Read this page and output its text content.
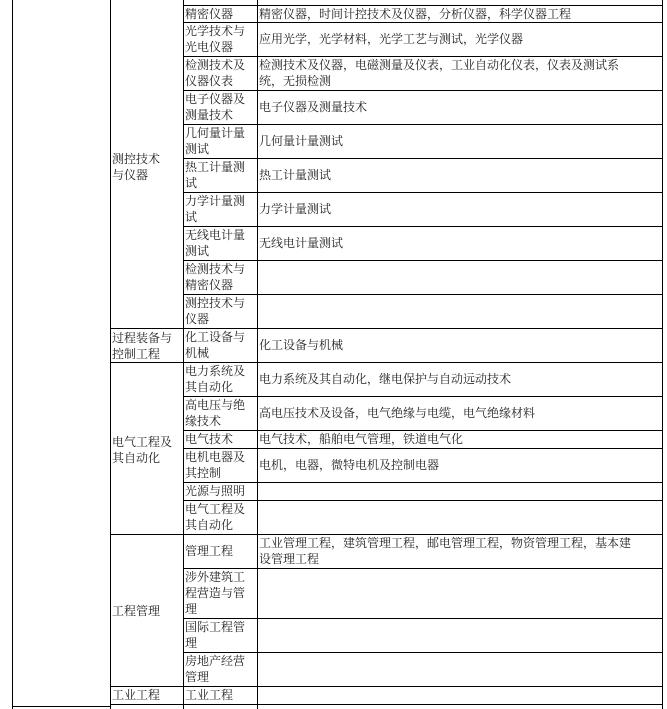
精密仪器	精密仪器，时间计控技术及仪器，分析仪器，科学仪器工程
光学技术与
光电仪器
应用光学，光学材料，光学工艺与测试，光学仪器
检测技术及
仪器仪表
检测技术及仪器，电磁测量及仪表，工业自动化仪表，仪表及测试系
统，无损检测
电子仪器及
测量技术
电子仪器及测量技术
几何量计量
测试
几何量计量测试
热工计量测
试
热工计量测试
力学计量测
试
力学计量测试
无线电计量
测试
无线电计量测试
检测技术与
精密仪器
测控技术与
仪器
化工设备与
机械
化工设备与机械
电力系统及
其自动化
电力系统及其自动化，继电保护与自动远动技术
高电压与绝
缘技术
高电压技术及设备，电气绝缘与电缆，电气绝缘材料
电气技术	电气技术，船舶电气管理，铁道电气化
电机电器及
其控制
电机，电器，微特电机及控制电器
光源与照明
电气工程及
其自动化
管理工程
工业管理工程，建筑管理工程，邮电管理工程，物资管理工程，基本建
设管理工程
涉外建筑工
程营造与管
理
国际工程管
理
房地产经营
管理
工业工程
测控技术
与仪器
过程装备与
控制工程
电气工程及
其自动化
工程管理
工业工程
